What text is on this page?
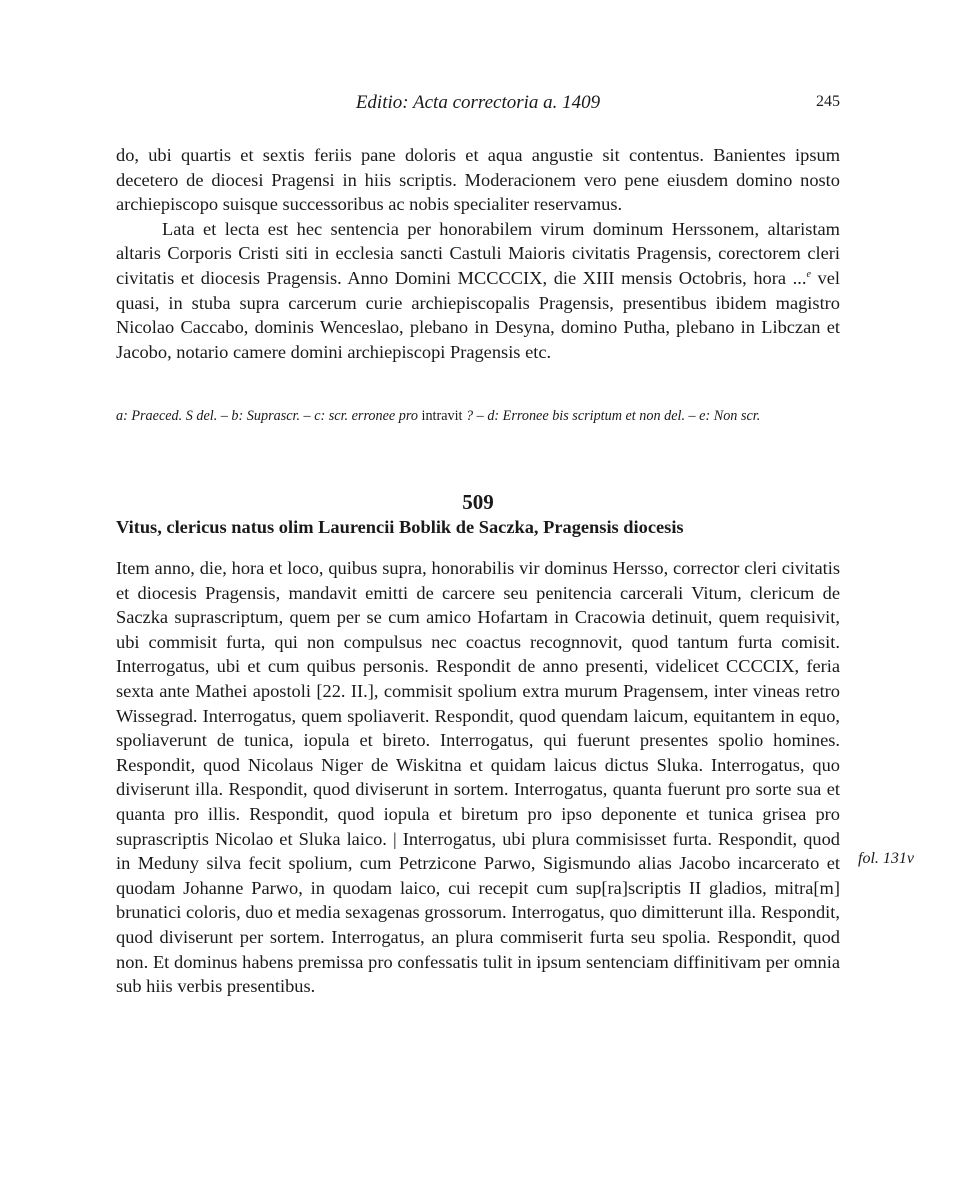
Editio: Acta correctoria a. 1409	245

do, ubi quartis et sextis feriis pane doloris et aqua angustie sit contentus. Banientes ipsum decetero de diocesi Pragensi in hiis scriptis. Moderacionem vero pene eiusdem domino nosto archiepiscopo suisque successoribus ac nobis specialiter reservamus.

Lata et lecta est hec sentencia per honorabilem virum dominum Herssonem, altaristam altaris Corporis Cristi siti in ecclesia sancti Castuli Maioris civitatis Pragensis, corectorem cleri civitatis et diocesis Pragensis. Anno Domini MCCCCIX, die XIII mensis Octobris, hora ...$^e$ vel quasi, in stuba supra carcerum curie archiepiscopalis Pragensis, presentibus ibidem magistro Nicolao Caccabo, dominis Wenceslao, plebano in Desyna, domino Putha, plebano in Libczan et Jacobo, notario camere domini archiepiscopi Pragensis etc.

a: Praeced. S del. – b: Suprascr. – c: scr. erronee pro intravit ? – d: Erronee bis scriptum et non del. – e: Non scr.
509
Vitus, clericus natus olim Laurencii Boblik de Saczka, Pragensis diocesis

Item anno, die, hora et loco, quibus supra, honorabilis vir dominus Hersso, corrector cleri civitatis et diocesis Pragensis, mandavit emitti de carcere seu penitencia carcerali Vitum, clericum de Saczka suprascriptum, quem per se cum amico Hofartam in Cracowia detinuit, quem requisivit, ubi commisit furta, qui non compulsus nec coactus recognnovit, quod tantum furta comisit. Interrogatus, ubi et cum quibus personis. Respondit de anno presenti, videlicet CCCCIX, feria sexta ante Mathei apostoli [22. II.], commisit spolium extra murum Pragensem, inter vineas retro Wissegrad. Interrogatus, quem spoliaverit. Respondit, quod quendam laicum, equitantem in equo, spoliaverunt de tunica, iopula et bireto. Interrogatus, qui fuerunt presentes spolio homines. Respondit, quod Nicolaus Niger de Wiskitna et quidam laicus dictus Sluka. Interrogatus, quo diviserunt illa. Respondit, quod diviserunt in sortem. Interrogatus, quanta fuerunt pro sorte sua et quanta pro illis. Respondit, quod iopula et biretum pro ipso deponente et tunica grisea pro suprascriptis Nicolao et Sluka laico. | Interrogatus, ubi plura commisisset furta. Respondit, quod in Meduny silva fecit spolium, cum Petrzicone Parwo, Sigismundo alias Jacobo incarcerato et quodam Johanne Parwo, in quodam laico, cui recepit cum sup[ra]scriptis II gladios, mitra[m] brunatici coloris, duo et media sexagenas grossorum. Interrogatus, quo dimitterunt illa. Respondit, quod diviserunt per sortem. Interrogatus, an plura commiserit furta seu spolia. Respondit, quod non. Et dominus habens premissa pro confessatis tulit in ipsum sentenciam diffinitivam per omnia sub hiis verbis presentibus.

fol. 131v
